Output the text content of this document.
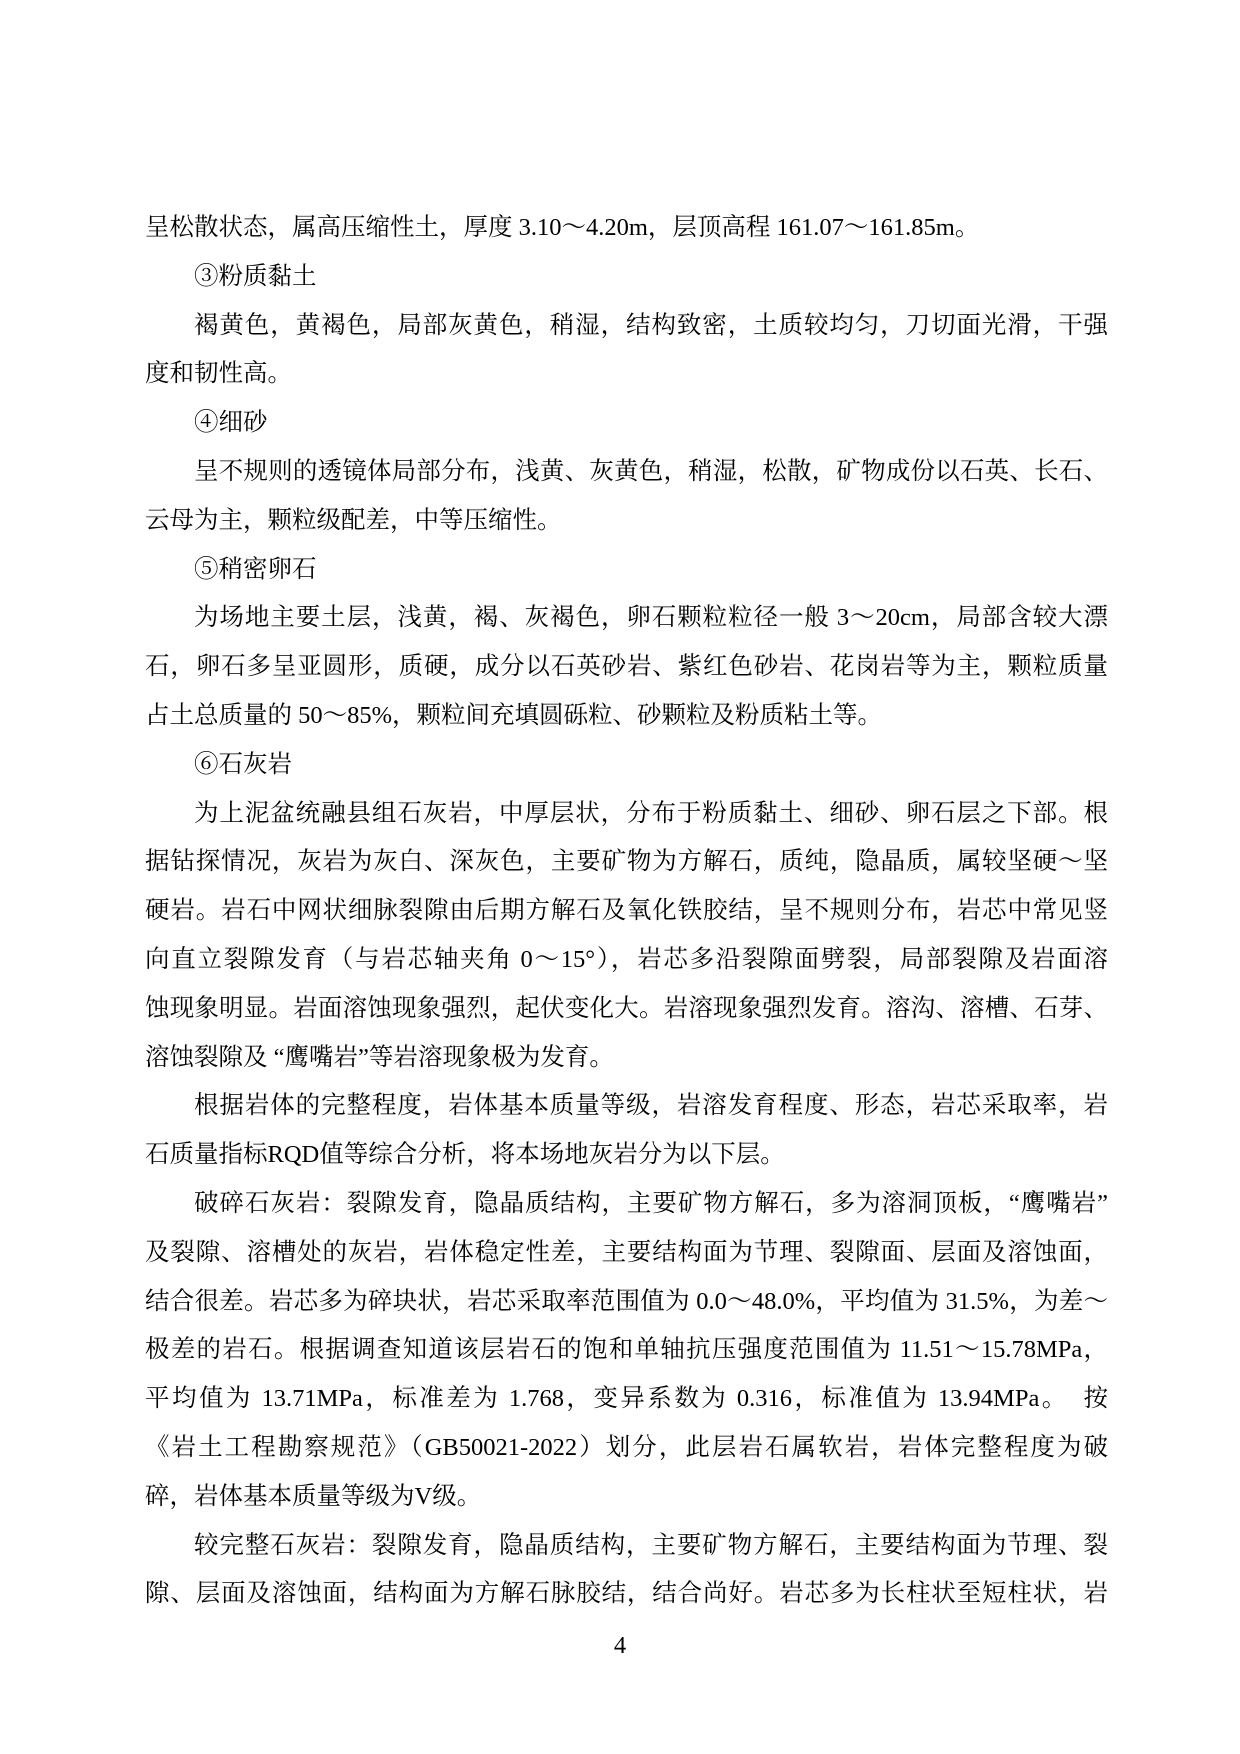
呈松散状态，属高压缩性土，厚度 3.10～4.20m，层顶高程 161.07～161.85m。
③粉质黏土
褐黄色，黄褐色，局部灰黄色，稍湿，结构致密，土质较均匀，刀切面光滑，干强
度和韧性高。
④细砂
呈不规则的透镜体局部分布，浅黄、灰黄色，稍湿，松散，矿物成份以石英、长石、
云母为主，颗粒级配差，中等压缩性。
⑤稍密卵石
为场地主要土层，浅黄，褐、灰褐色，卵石颗粒粒径一般 3～20cm，局部含较大漂
石，卵石多呈亚圆形，质硬，成分以石英砂岩、紫红色砂岩、花岗岩等为主，颗粒质量
占土总质量的 50～85%，颗粒间充填圆砾粒、砂颗粒及粉质粘土等。
⑥石灰岩
为上泥盆统融县组石灰岩，中厚层状，分布于粉质黏土、细砂、卵石层之下部。根
据钻探情况，灰岩为灰白、深灰色，主要矿物为方解石，质纯，隐晶质，属较坚硬～坚
硬岩。岩石中网状细脉裂隙由后期方解石及氧化铁胶结，呈不规则分布，岩芯中常见竖
向直立裂隙发育（与岩芯轴夹角 0～15°），岩芯多沿裂隙面劈裂，局部裂隙及岩面溶
蚀现象明显。岩面溶蚀现象强烈，起伏变化大。岩溶现象强烈发育。溶沟、溶槽、石芽、
溶蚀裂隙及 “鹰嘴岩”等岩溶现象极为发育。
根据岩体的完整程度，岩体基本质量等级，岩溶发育程度、形态，岩芯采取率，岩
石质量指标RQD值等综合分析，将本场地灰岩分为以下层。
破碎石灰岩：裂隙发育，隐晶质结构，主要矿物方解石，多为溶洞顶板，“鹰嘴岩”
及裂隙、溶槽处的灰岩，岩体稳定性差，主要结构面为节理、裂隙面、层面及溶蚀面，
结合很差。岩芯多为碎块状，岩芯采取率范围值为 0.0～48.0%，平均值为 31.5%，为差～
极差的岩石。根据调查知道该层岩石的饱和单轴抗压强度范围值为 11.51～15.78MPa，
平均值为 13.71MPa，标准差为 1.768，变异系数为 0.316，标准值为 13.94MPa。　按
《岩土工程勘察规范》（GB50021-2022）划分，此层岩石属软岩，岩体完整程度为破
碎，岩体基本质量等级为V级。
较完整石灰岩：裂隙发育，隐晶质结构，主要矿物方解石，主要结构面为节理、裂
隙、层面及溶蚀面，结构面为方解石脉胶结，结合尚好。岩芯多为长柱状至短柱状，岩
4
